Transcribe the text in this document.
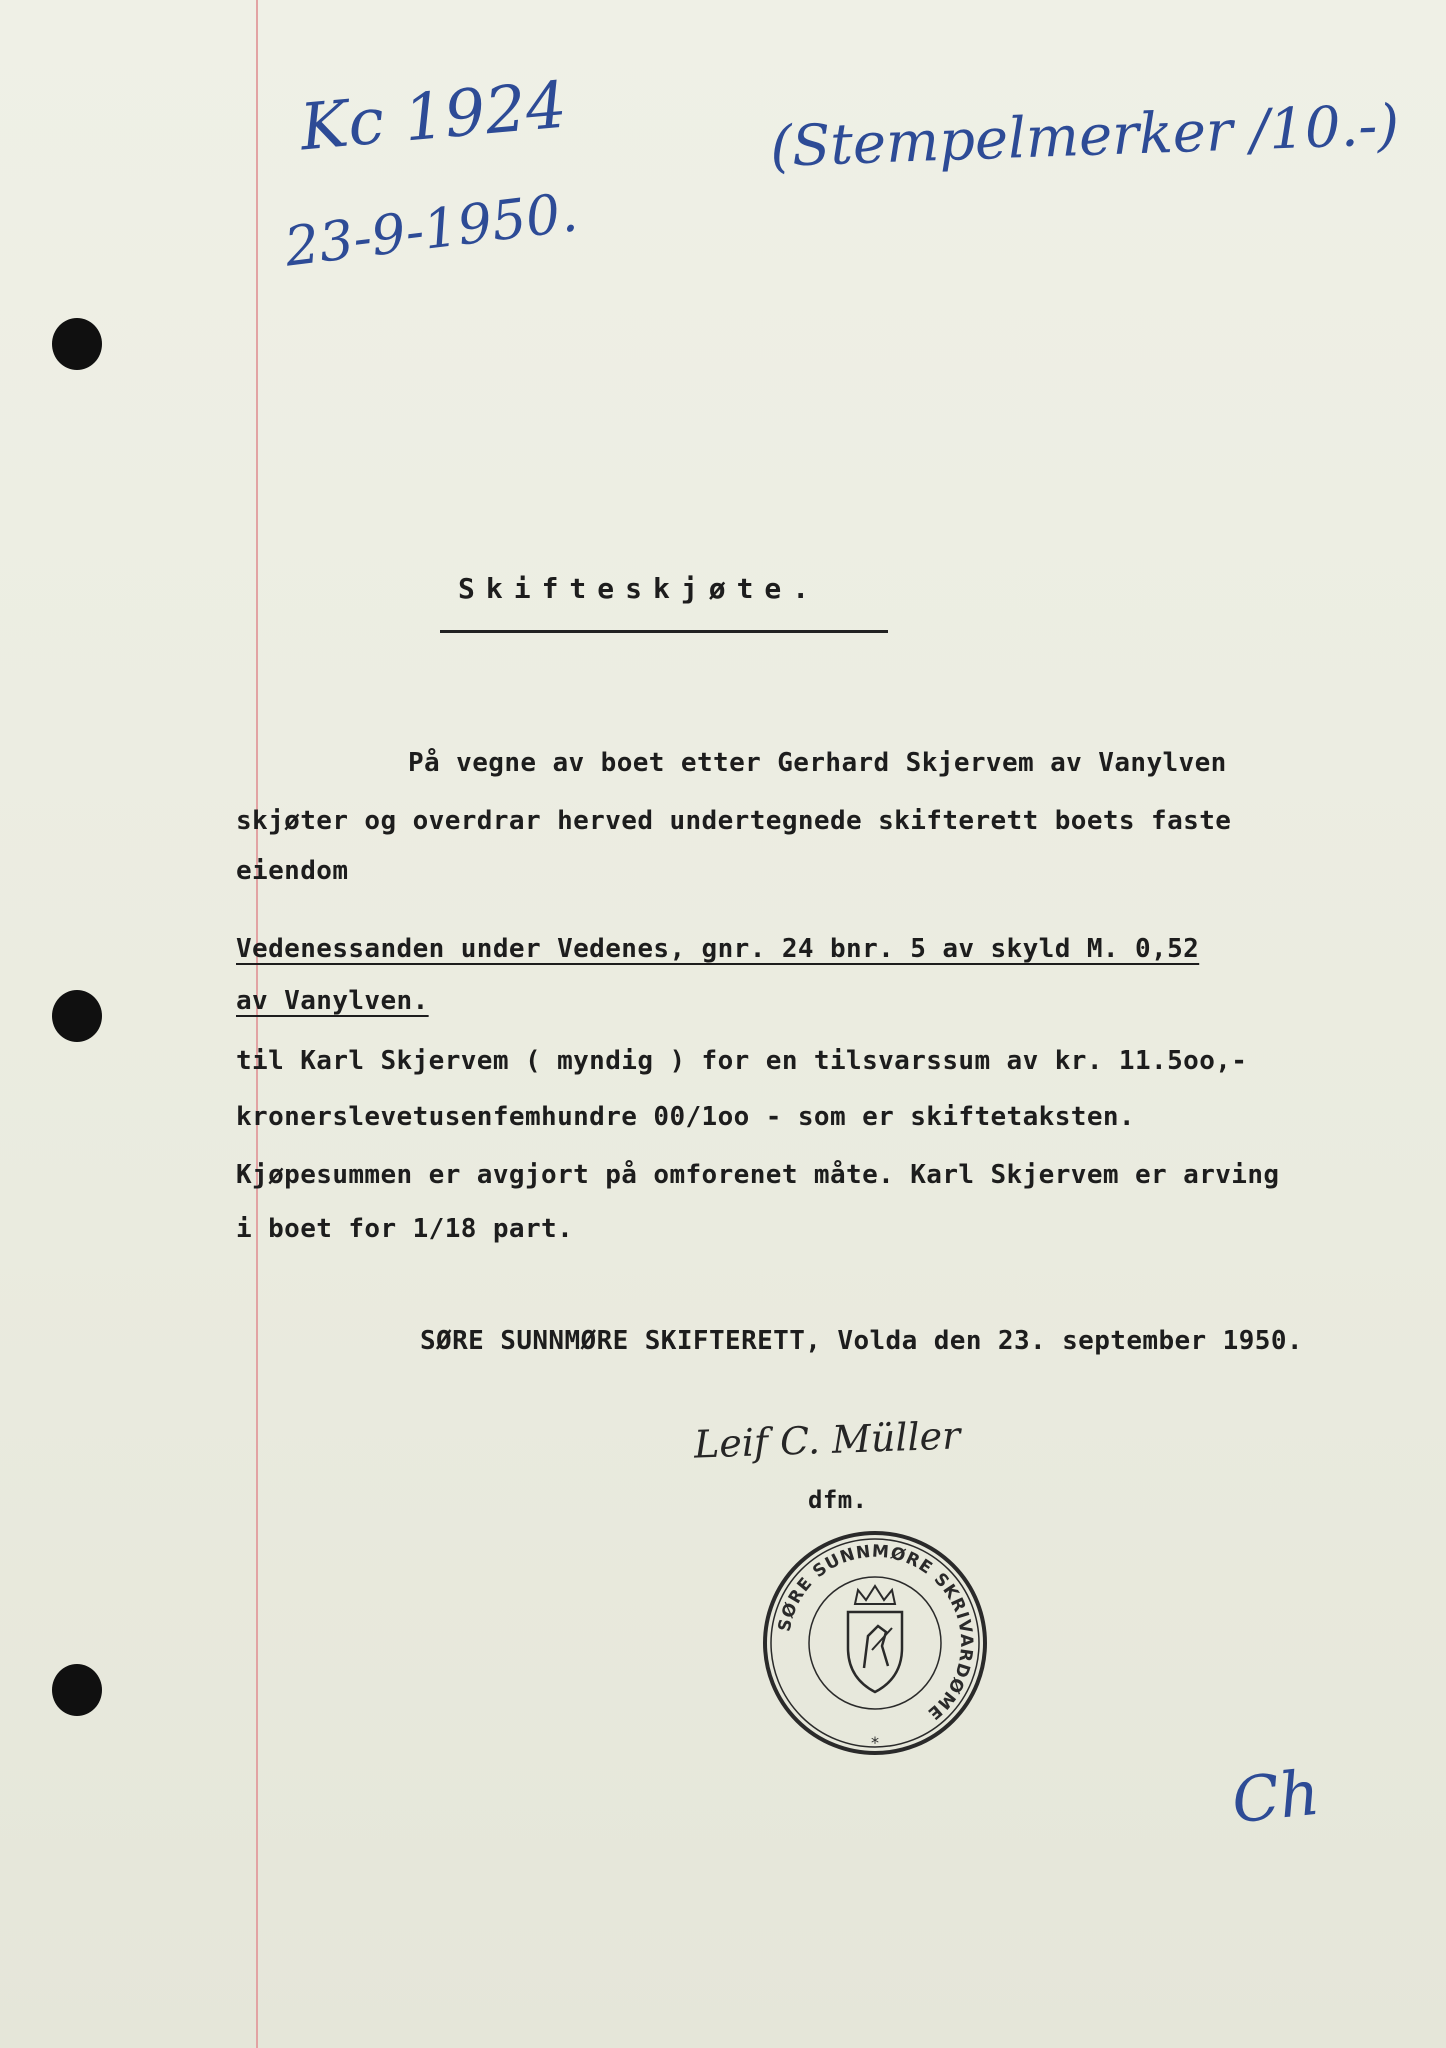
Kc 1924
23-9-1950.
(Stempelmerker /10.-)
Skifteskjøte.
På vegne av boet etter Gerhard Skjervem av Vanylven
skjøter og overdrar herved undertegnede skifterett boets faste
eiendom
Vedenessanden under Vedenes, gnr. 24 bnr. 5 av skyld M. 0,52
av Vanylven.
til Karl Skjervem ( myndig ) for en tilsvarssum av kr. 11.5oo,-
kronerslevetusenfemhundre 00/1oo - som er skiftetaksten.
Kjøpesummen er avgjort på omforenet måte. Karl Skjervem er arving
i boet for 1/18 part.
SØRE SUNNMØRE SKIFTERETT, Volda den 23. september 1950.
Leif C. Müller
dfm.
SØRE SUNNMØRE SKRIVARDØME
*
Ch
